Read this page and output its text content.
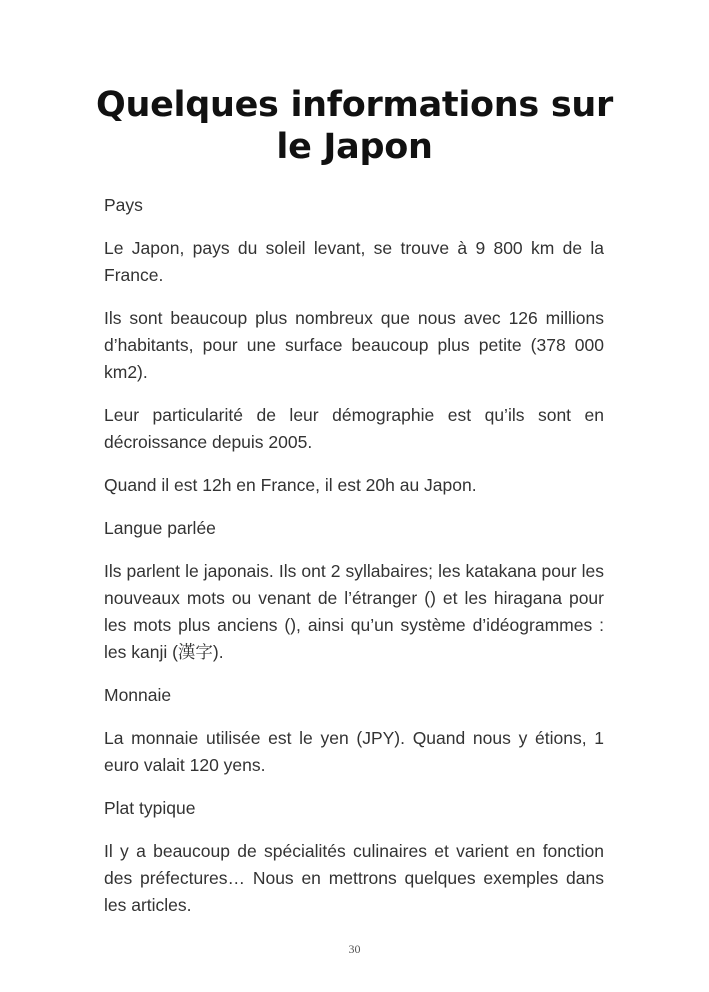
Quelques informations sur
le Japon

Pays

Le Japon, pays du soleil levant, se trouve à 9 800 km de la France.

Ils sont beaucoup plus nombreux que nous avec 126 millions d’habitants, pour une surface beaucoup plus petite (378 000 km2).

Leur particularité de leur démographie est qu’ils sont en décroissance depuis 2005.

Quand il est 12h en France, il est 20h au Japon.

Langue parlée

Ils parlent le japonais. Ils ont 2 syllabaires; les katakana pour les nouveaux mots ou venant de l’étranger () et les hiragana pour les mots plus anciens (), ainsi qu’un système d’idéogrammes : les kanji (漢字).

Monnaie

La monnaie utilisée est le yen (JPY). Quand nous y étions, 1 euro valait 120 yens.

Plat typique

Il y a beaucoup de spécialités culinaires et varient en fonction des préfectures… Nous en mettrons quelques exemples dans les articles.

30
